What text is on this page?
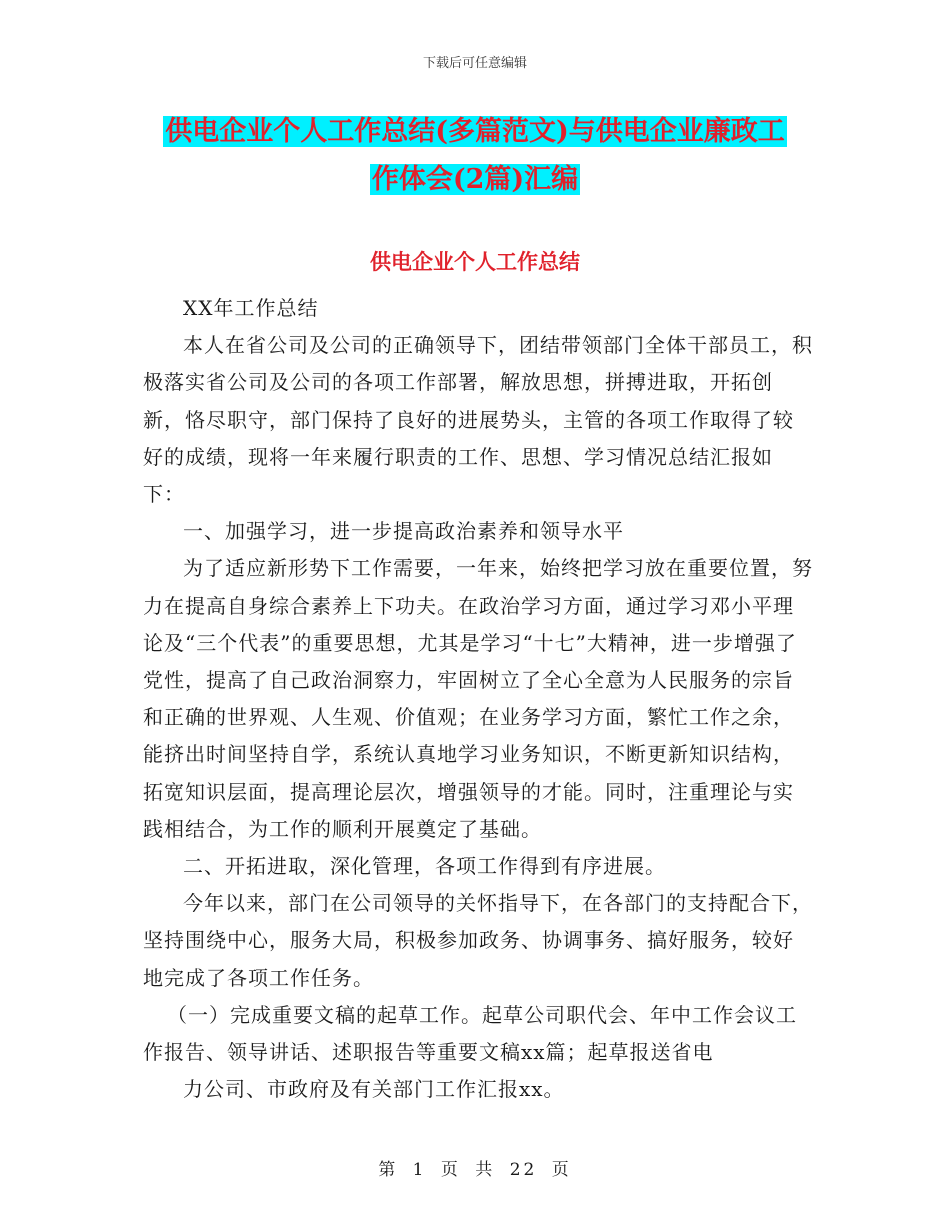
下载后可任意编辑
供电企业个人工作总结(多篇范文)与供电企业廉政工
作体会(2篇)汇编
供电企业个人工作总结

XX年工作总结

本人在省公司及公司的正确领导下，团结带领部门全体干部员工，积极落实省公司及公司的各项工作部署，解放思想，拼搏进取，开拓创新，恪尽职守，部门保持了良好的进展势头，主管的各项工作取得了较好的成绩，现将一年来履行职责的工作、思想、学习情况总结汇报如下：

一、加强学习，进一步提高政治素养和领导水平

为了适应新形势下工作需要，一年来，始终把学习放在重要位置，努力在提高自身综合素养上下功夫。在政治学习方面，通过学习邓小平理论及“三个代表”的重要思想，尤其是学习“十七”大精神，进一步增强了党性，提高了自己政治洞察力，牢固树立了全心全意为人民服务的宗旨和正确的世界观、人生观、价值观；在业务学习方面，繁忙工作之余，能挤出时间坚持自学，系统认真地学习业务知识，不断更新知识结构，拓宽知识层面，提高理论层次，增强领导的才能。同时，注重理论与实践相结合，为工作的顺利开展奠定了基础。

二、开拓进取，深化管理，各项工作得到有序进展。

今年以来，部门在公司领导的关怀指导下，在各部门的支持配合下，坚持围绕中心，服务大局，积极参加政务、协调事务、搞好服务，较好地完成了各项工作任务。

（一）完成重要文稿的起草工作。起草公司职代会、年中工作会议工作报告、领导讲话、述职报告等重要文稿xx篇；起草报送省电

力公司、市政府及有关部门工作汇报xx。

第 1 页 共 22 页
